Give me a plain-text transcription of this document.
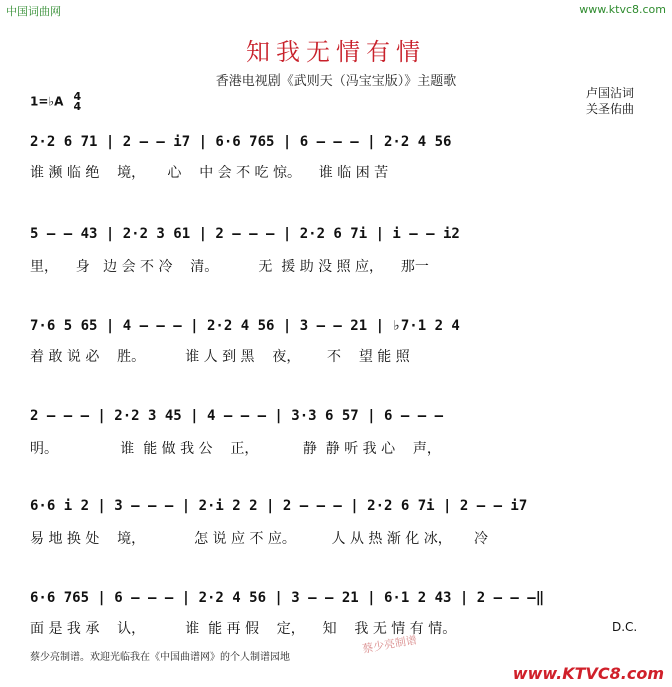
中国词曲网	www.ktvc8.com
知我无情有情
香港电视剧《武则天（冯宝宝版）》主题歌
1=♭A 4
4
卢国沾词
关圣佑曲
2·2 6 71 | 2 — — i7 | 6·6 765 | 6 — — — | 2·2 4 56
谁 濒 临 绝    境，     心    中 会 不 吃 惊。    谁 临 困 苦
5 — — 43 | 2·2 3 61 | 2 — — — | 2·2 6 7i | i — — i2
里，    身   边 会 不 冷    清。         无  援 助 没 照 应，    那一
7·6 5 65 | 4 — — — | 2·2 4 56 | 3 — — 21 | ♭7·1 2 4
着 敢 说 必    胜。         谁 人 到 黑    夜，      不    望 能 照
2 — — — | 2·2 3 45 | 4 — — — | 3·3 6 57 | 6 — — —
明。              谁  能 做 我 公    正，          静  静 听 我 心    声，
6·6 i 2 | 3 — — — | 2·i 2 2 | 2 — — — | 2·2 6 7i | 2 — — i7
易 地 换 处    境，           怎 说 应 不 应。        人 从 热 渐 化 冰，     冷
6·6 765 | 6 — — — | 2·2 4 56 | 3 — — 21 | 6·1 2 43 | 2 — — —‖
面 是 我 承    认，         谁  能 再 假    定，    知    我 无 情 有 情。	D.C.
蔡少亮制谱
蔡少亮制谱。欢迎光临我在《中国曲谱网》的个人制谱园地
www.KTVC8.com
